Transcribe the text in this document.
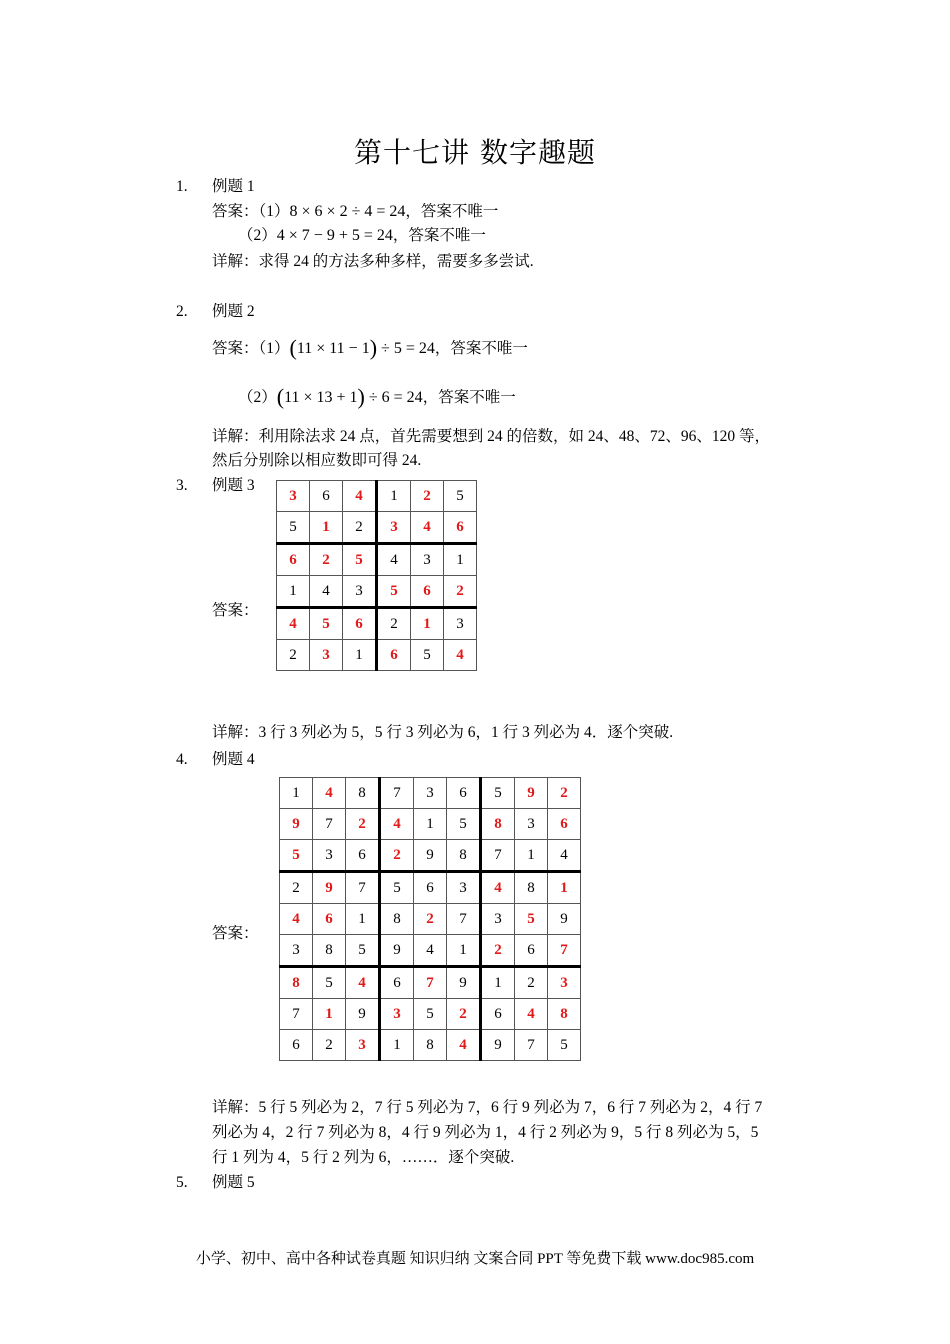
第十七讲 数字趣题
1. 例题 1
答案：（1）8 × 6 × 2 ÷ 4 = 24，答案不唯一
（2）4 × 7 − 9 + 5 = 24，答案不唯一
详解：求得 24 的方法多种多样，需要多多尝试.
2. 例题 2
答案：（1）(11 × 11 − 1) ÷ 5 = 24，答案不唯一
（2）(11 × 13 + 1) ÷ 6 = 24，答案不唯一
详解：利用除法求 24 点，首先需要想到 24 的倍数，如 24、48、72、96、120 等，
然后分别除以相应数即可得 24.
3. 例题 3
答案：
3	6	4	1	2	5
5	1	2	3	4	6
6	2	5	4	3	1
1	4	3	5	6	2
4	5	6	2	1	3
2	3	1	6	5	4
详解：3 行 3 列必为 5，5 行 3 列必为 6，1 行 3 列必为 4．逐个突破.
4. 例题 4
答案：
1	4	8	7	3	6	5	9	2
9	7	2	4	1	5	8	3	6
5	3	6	2	9	8	7	1	4
2	9	7	5	6	3	4	8	1
4	6	1	8	2	7	3	5	9
3	8	5	9	4	1	2	6	7
8	5	4	6	7	9	1	2	3
7	1	9	3	5	2	6	4	8
6	2	3	1	8	4	9	7	5
详解：5 行 5 列必为 2，7 行 5 列必为 7，6 行 9 列必为 7，6 行 7 列必为 2，4 行 7
列必为 4，2 行 7 列必为 8，4 行 9 列必为 1，4 行 2 列必为 9，5 行 8 列必为 5，5
行 1 列为 4，5 行 2 列为 6，……．逐个突破.
5. 例题 5
小学、初中、高中各种试卷真题 知识归纳 文案合同 PPT 等免费下载 www.doc985.com
